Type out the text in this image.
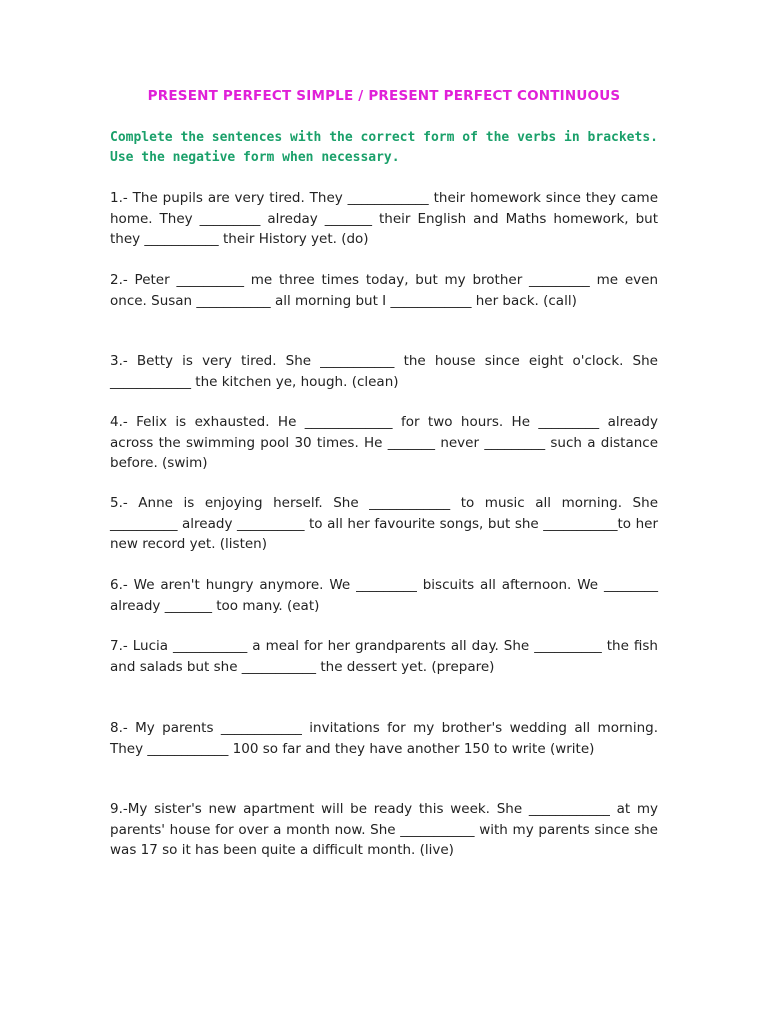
PRESENT PERFECT SIMPLE / PRESENT PERFECT CONTINUOUS

Complete the sentences with the correct form of the verbs in brackets. Use the negative form when necessary.

1.- The pupils are very tired. They ____________ their homework since they came home. They _________ alreday _______ their English and Maths homework, but they ___________ their History yet. (do)

2.- Peter __________ me three times today, but my brother _________ me even once. Susan ___________ all morning but I ____________ her back. (call)

3.- Betty is very tired. She ___________ the house since eight o'clock. She ____________ the kitchen ye, hough. (clean)

4.- Felix is exhausted. He _____________ for two hours. He _________ already across the swimming pool 30 times. He _______ never _________ such a distance before. (swim)

5.- Anne is enjoying herself. She ____________ to music all morning. She __________ already __________ to all her favourite songs, but she ___________to her new record yet. (listen)

6.- We aren't hungry anymore. We _________ biscuits all afternoon. We ________ already _______ too many. (eat)

7.- Lucia ___________ a meal for her grandparents all day. She __________ the fish and salads but she ___________ the dessert yet. (prepare)

8.- My parents ____________ invitations for my brother's wedding all morning. They ____________ 100 so far and they have another 150 to write (write)

9.-My sister's new apartment will be ready this week. She ____________ at my parents' house for over a month now. She ___________ with my parents since she was 17 so it has been quite a difficult month. (live)
